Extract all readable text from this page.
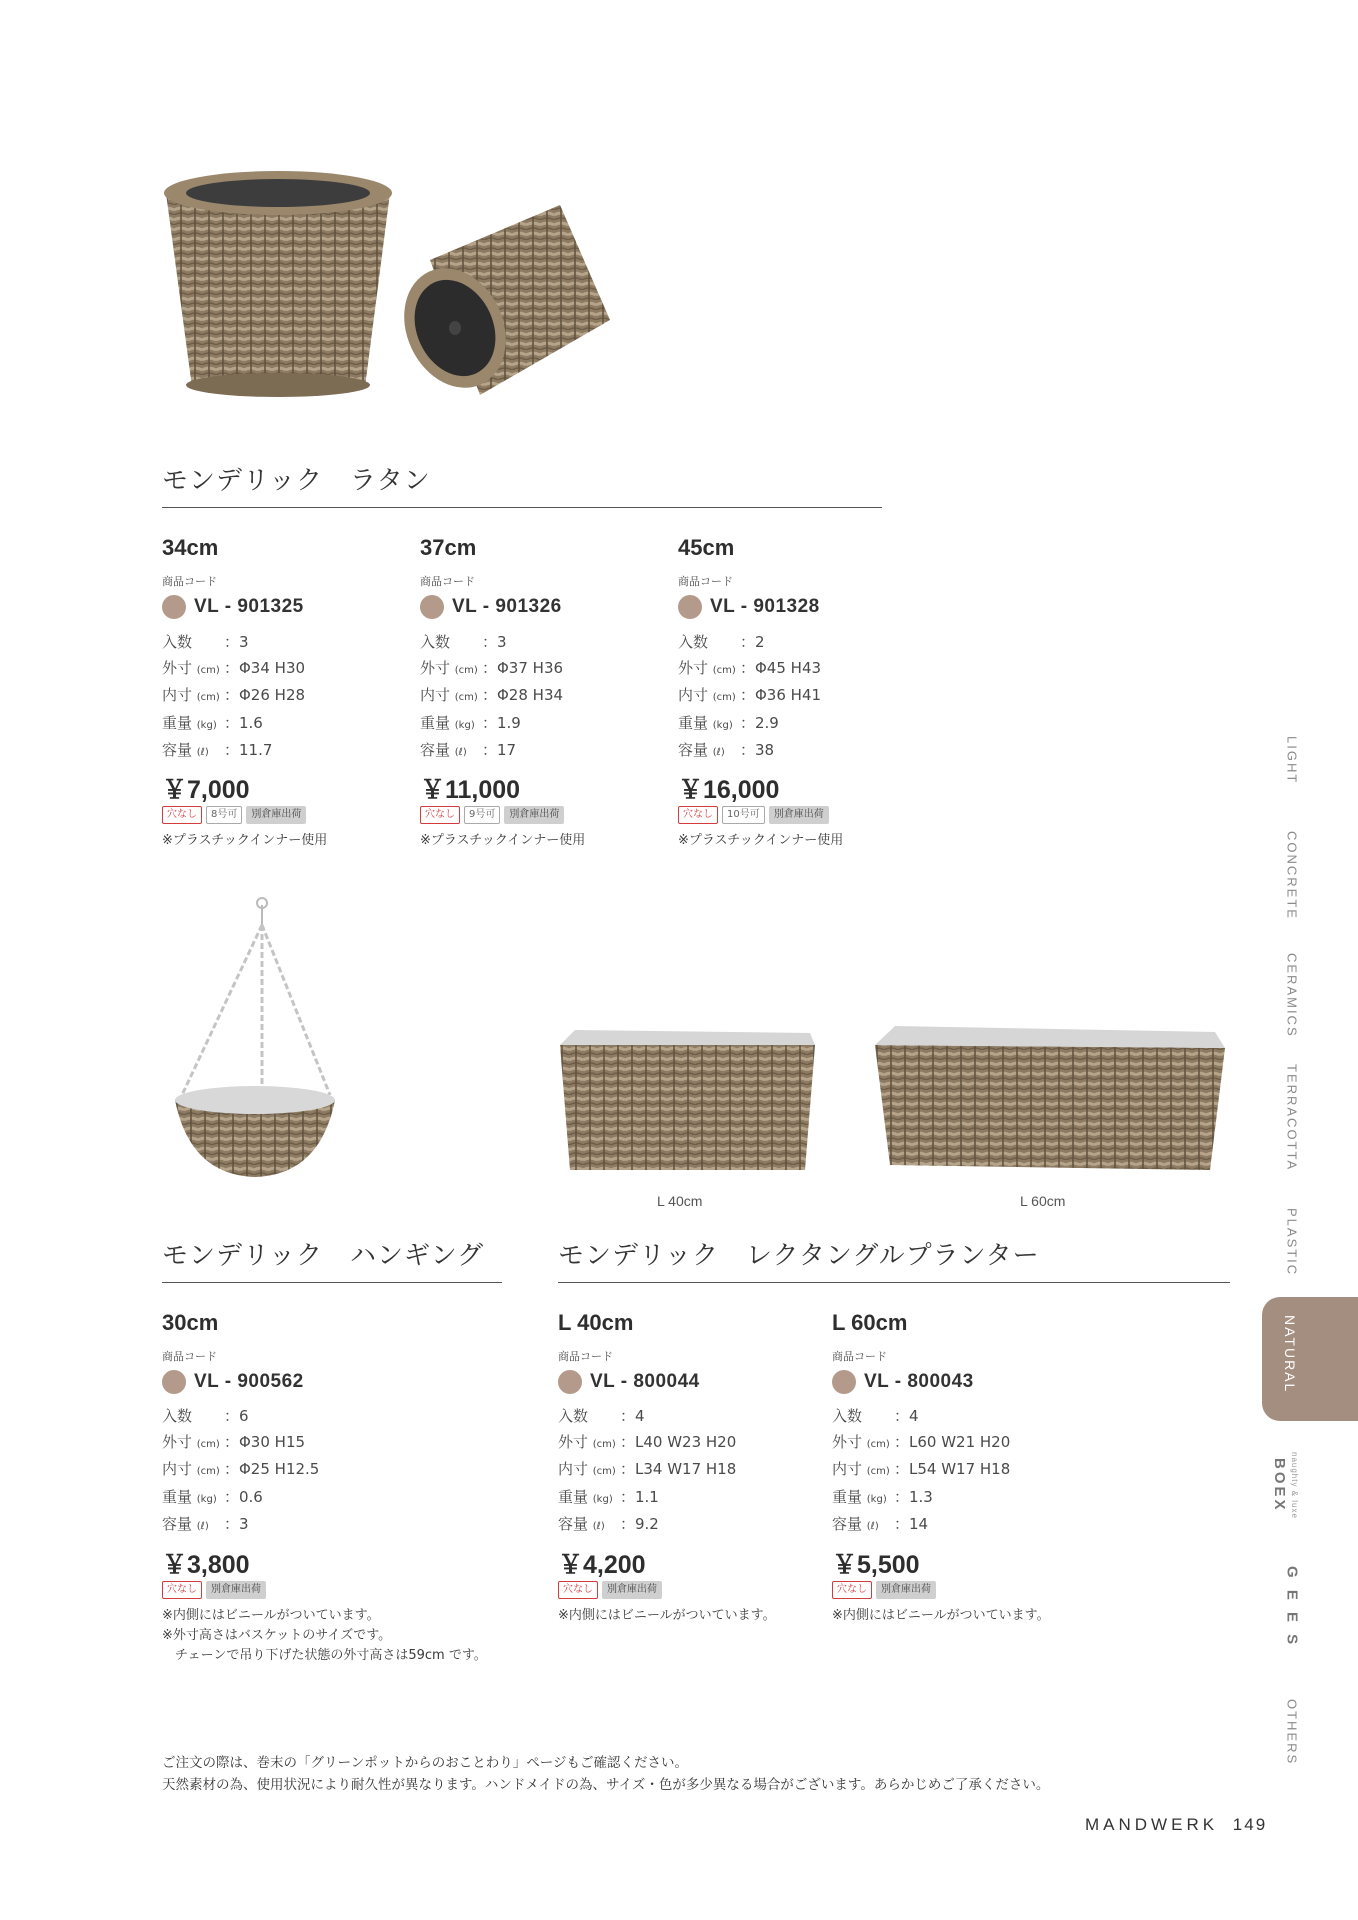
L 40cm	L 60cm
モンデリック　ラタン
34cm
商品コード
VL - 901325
入数	：3
外寸 (cm) ：Φ34 H30
内寸 (cm) ：Φ26 H28
重量 (kg) ：1.6
容量 (ℓ)	：11.7
￥7,000
穴なし	8号可	別倉庫出荷
※プラスチックインナー使用
37cm
商品コード
VL - 901326
入数	：3
外寸 (cm) ：Φ37 H36
内寸 (cm) ：Φ28 H34
重量 (kg) ：1.9
容量 (ℓ)	：17
￥11,000
穴なし	9号可	別倉庫出荷
※プラスチックインナー使用
45cm
商品コード
VL - 901328
入数	：2
外寸 (cm) ：Φ45 H43
内寸 (cm) ：Φ36 H41
重量 (kg) ：2.9
容量 (ℓ)	：38
￥16,000
穴なし	10号可	別倉庫出荷
※プラスチックインナー使用
モンデリック　ハンギング
30cm
商品コード
VL - 900562
入数	：6
外寸 (cm) ：Φ30 H15
内寸 (cm) ：Φ25 H12.5
重量 (kg) ：0.6
容量 (ℓ)	：3
￥3,800
穴なし	別倉庫出荷
※内側にはビニールがついています。
※外寸高さはバスケットのサイズです。
　チェーンで吊り下げた状態の外寸高さは59cm です。
モンデリック　レクタングルプランター
L 40cm
商品コード
VL - 800044
入数	：4
外寸 (cm) ：L40 W23 H20
内寸 (cm) ：L34 W17 H18
重量 (kg) ：1.1
容量 (ℓ)	：9.2
￥4,200
穴なし	別倉庫出荷
※内側にはビニールがついています。
L 60cm
商品コード
VL - 800043
入数	：4
外寸 (cm) ：L60 W21 H20
内寸 (cm) ：L54 W17 H18
重量 (kg) ：1.3
容量 (ℓ)	：14
￥5,500
穴なし	別倉庫出荷
※内側にはビニールがついています。
LIGHT
CONCRETE
CERAMICS
TERRACOTTA
PLASTIC
NATURAL
BOEX naughty & luxe
G E E S
OTHERS
ご注文の際は、巻末の「グリーンポットからのおことわり」ページもご確認ください。
天然素材の為、使用状況により耐久性が異なります。ハンドメイドの為、サイズ・色が多少異なる場合がございます。あらかじめご了承ください。
MANDWERK 149
